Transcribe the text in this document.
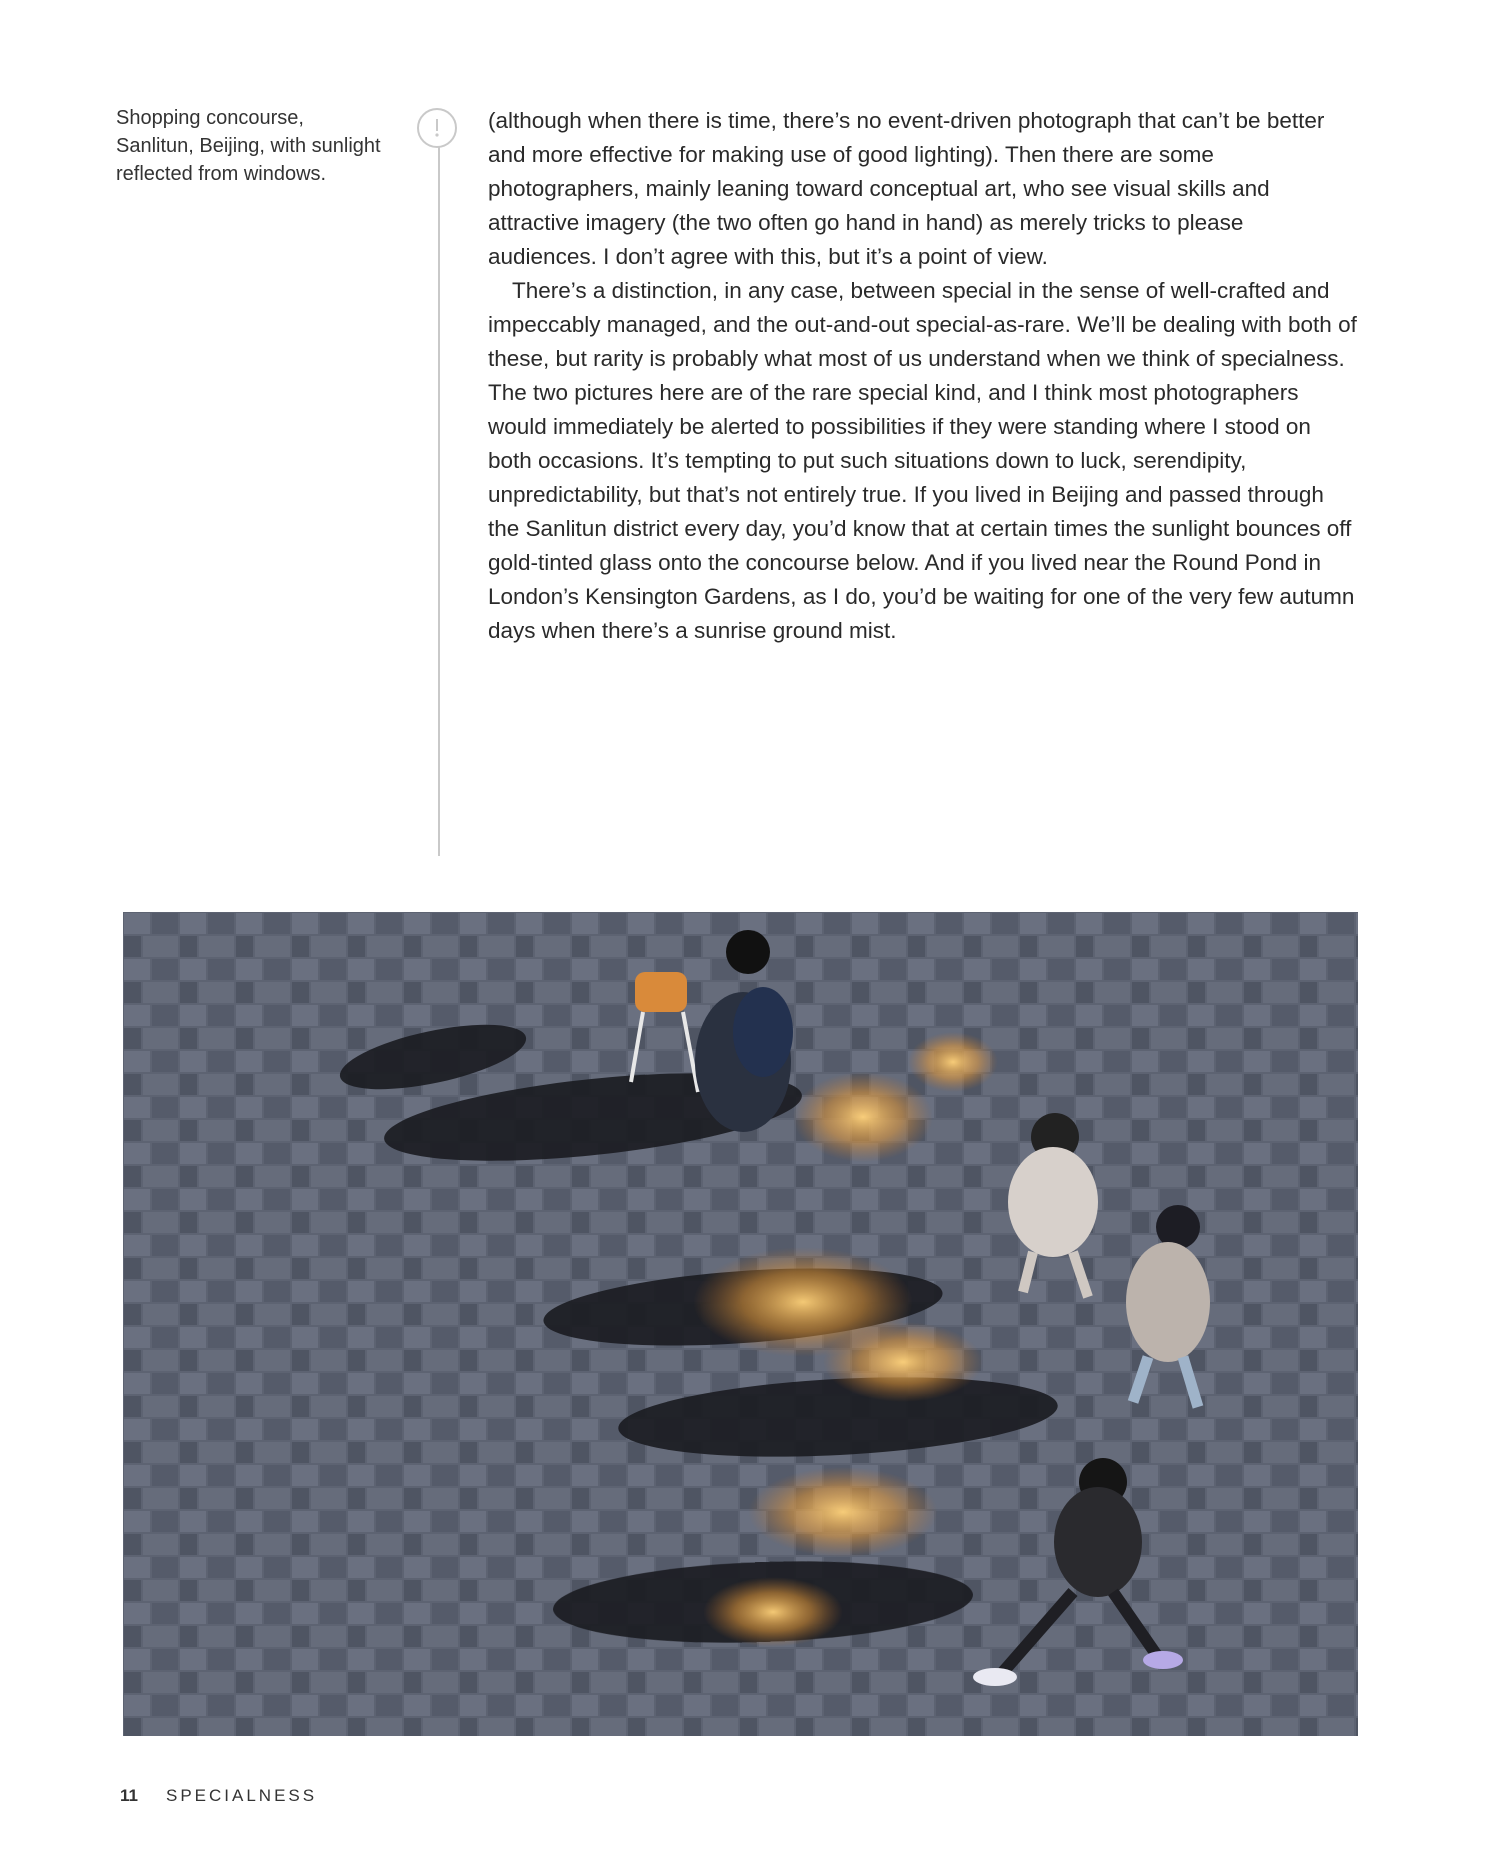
Shopping concourse,
Sanlitun, Beijing, with sunlight
reflected from windows.

(although when there is time, there’s no event-driven photograph that can’t be better and more effective for making use of good lighting). Then there are some photographers, mainly leaning toward conceptual art, who see visual skills and attractive imagery (the two often go hand in hand) as merely tricks to please audiences. I don’t agree with this, but it’s a point of view.

There’s a distinction, in any case, between special in the sense of well-crafted and impeccably managed, and the out-and-out special-as-rare. We’ll be dealing with both of these, but rarity is probably what most of us understand when we think of specialness. The two pictures here are of the rare special kind, and I think most photographers would immediately be alerted to possibilities if they were standing where I stood on both occasions. It’s tempting to put such situations down to luck, serendipity, unpredictability, but that’s not entirely true. If you lived in Beijing and passed through the Sanlitun district every day, you’d know that at certain times the sunlight bounces off gold-tinted glass onto the concourse below. And if you lived near the Round Pond in London’s Kensington Gardens, as I do, you’d be waiting for one of the very few autumn days when there’s a sunrise ground mist.

11 SPECIALNESS
